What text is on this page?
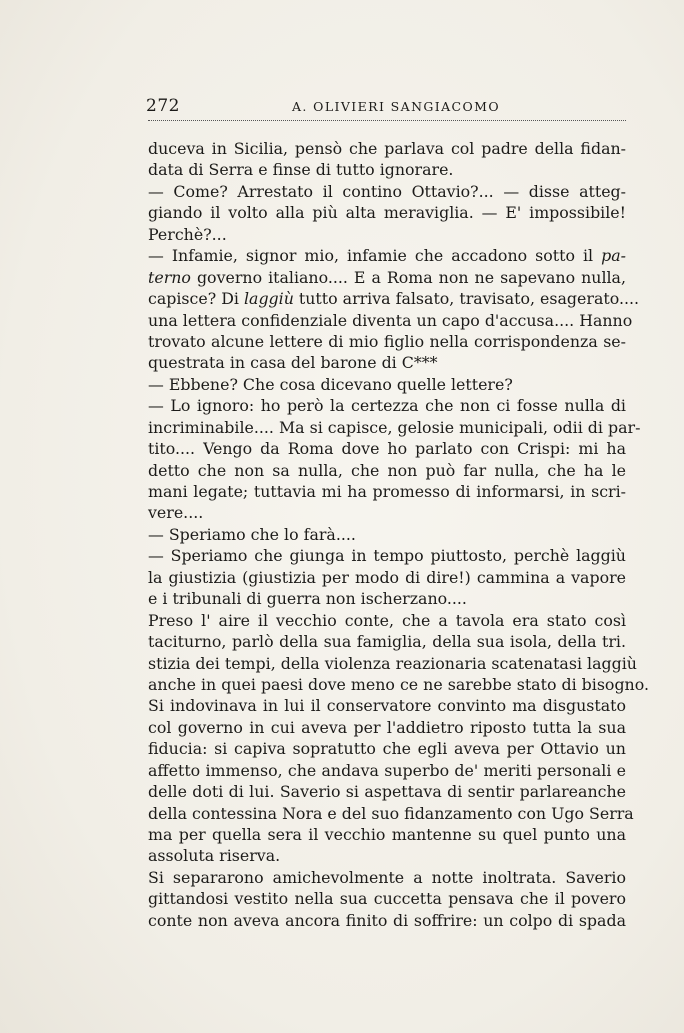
272	A. OLIVIERI SANGIACOMO
duceva in Sicilia, pensò che parlava col padre della fidan-
data di Serra e finse di tutto ignorare.
— Come? Arrestato il contino Ottavio?... — disse atteg-
giando il volto alla più alta meraviglia. — E' impossibile!
Perchè?...
— Infamie, signor mio, infamie che accadono sotto il pa-
terno governo italiano.... E a Roma non ne sapevano nulla,
capisce? Di laggiù tutto arriva falsato, travisato, esagerato....
una lettera confidenziale diventa un capo d'accusa.... Hanno
trovato alcune lettere di mio figlio nella corrispondenza se-
questrata in casa del barone di C***
— Ebbene? Che cosa dicevano quelle lettere?
— Lo ignoro: ho però la certezza che non ci fosse nulla di
incriminabile.... Ma si capisce, gelosie municipali, odii di par-
tito.... Vengo da Roma dove ho parlato con Crispi: mi ha
detto che non sa nulla, che non può far nulla, che ha le
mani legate; tuttavia mi ha promesso di informarsi, in scri-
vere....
— Speriamo che lo farà....
— Speriamo che giunga in tempo piuttosto, perchè laggiù
la giustizia (giustizia per modo di dire!) cammina a vapore
e i tribunali di guerra non ischerzano....
Preso l' aire il vecchio conte, che a tavola era stato così
taciturno, parlò della sua famiglia, della sua isola, della tri.
stizia dei tempi, della violenza reazionaria scatenatasi laggiù
anche in quei paesi dove meno ce ne sarebbe stato di bisogno.
Si indovinava in lui il conservatore convinto ma disgustato
col governo in cui aveva per l'addietro riposto tutta la sua
fiducia: si capiva sopratutto che egli aveva per Ottavio un
affetto immenso, che andava superbo de' meriti personali e
delle doti di lui. Saverio si aspettava di sentir parlareanche
della contessina Nora e del suo fidanzamento con Ugo Serra
ma per quella sera il vecchio mantenne su quel punto una
assoluta riserva.
Si separarono amichevolmente a notte inoltrata. Saverio
gittandosi vestito nella sua cuccetta pensava che il povero
conte non aveva ancora finito di soffrire: un colpo di spada
